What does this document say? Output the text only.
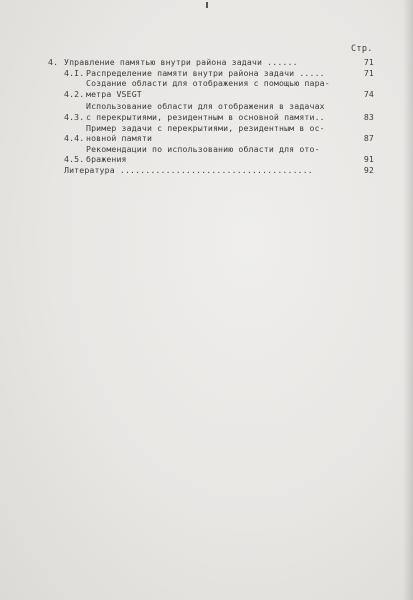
Стр.
4. Управление памятью внутри района задачи ......	71
4.I. Распределение памяти внутри района задачи .....	71
4.2.
Создание области для отображения с помощью пара-
метра VSEGT	74
4.3.
Использование области для отображения в задачах
с перекрытиями, резидентным в основной памяти..	83
4.4.
Пример задачи с перекрытиями, резидентным в ос-
новной памяти	87
4.5.
Рекомендации по использованию области для ото-
бражения	91
Литература ......................................	92
